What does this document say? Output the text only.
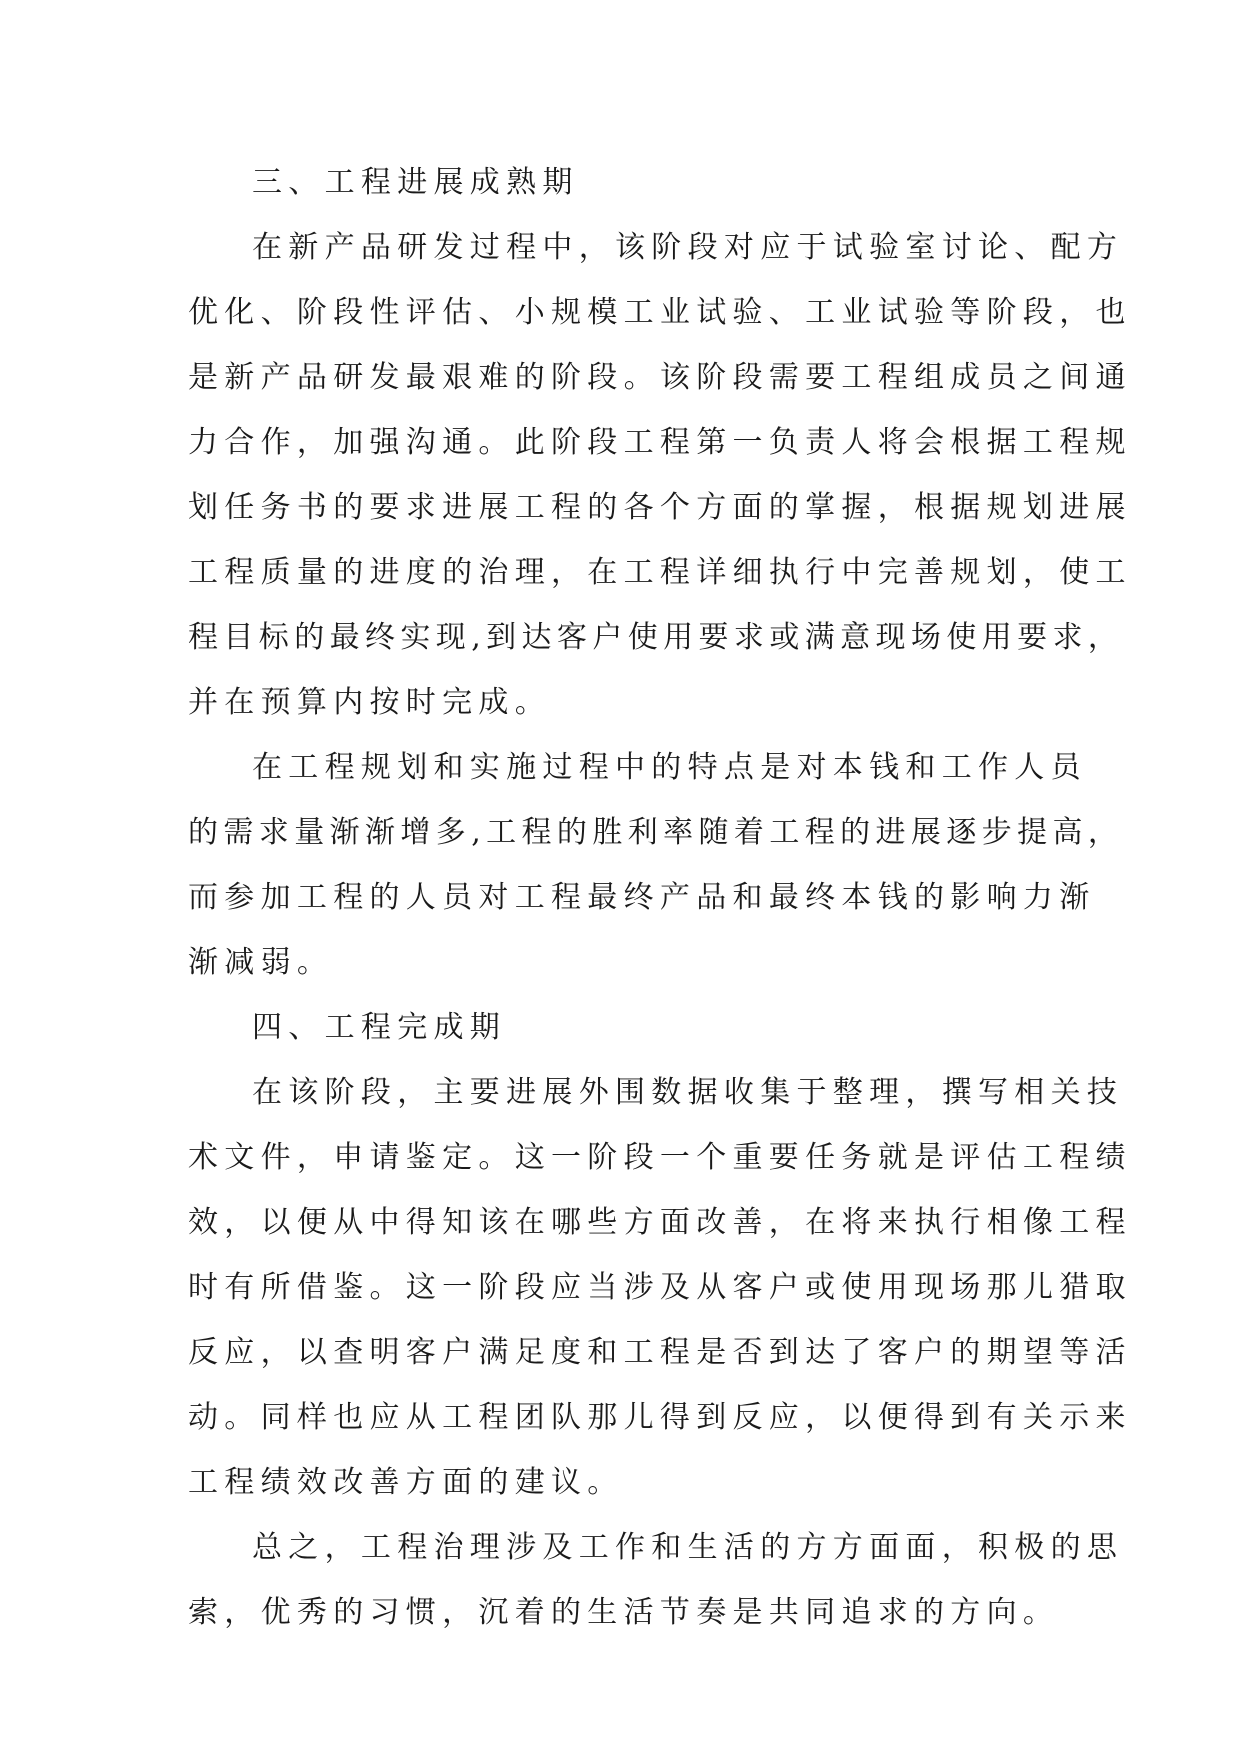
三、工程进展成熟期
在新产品研发过程中，该阶段对应于试验室讨论、配方
优化、阶段性评估、小规模工业试验、工业试验等阶段，也
是新产品研发最艰难的阶段。该阶段需要工程组成员之间通
力合作，加强沟通。此阶段工程第一负责人将会根据工程规
划任务书的要求进展工程的各个方面的掌握，根据规划进展
工程质量的进度的治理，在工程详细执行中完善规划，使工
程目标的最终实现,到达客户使用要求或满意现场使用要求，
并在预算内按时完成。
在工程规划和实施过程中的特点是对本钱和工作人员
的需求量渐渐增多,工程的胜利率随着工程的进展逐步提高，
而参加工程的人员对工程最终产品和最终本钱的影响力渐
渐减弱。
四、工程完成期
在该阶段，主要进展外围数据收集于整理，撰写相关技
术文件，申请鉴定。这一阶段一个重要任务就是评估工程绩
效，以便从中得知该在哪些方面改善，在将来执行相像工程
时有所借鉴。这一阶段应当涉及从客户或使用现场那儿猎取
反应，以查明客户满足度和工程是否到达了客户的期望等活
动。同样也应从工程团队那儿得到反应，以便得到有关示来
工程绩效改善方面的建议。
总之，工程治理涉及工作和生活的方方面面，积极的思
索，优秀的习惯，沉着的生活节奏是共同追求的方向。
